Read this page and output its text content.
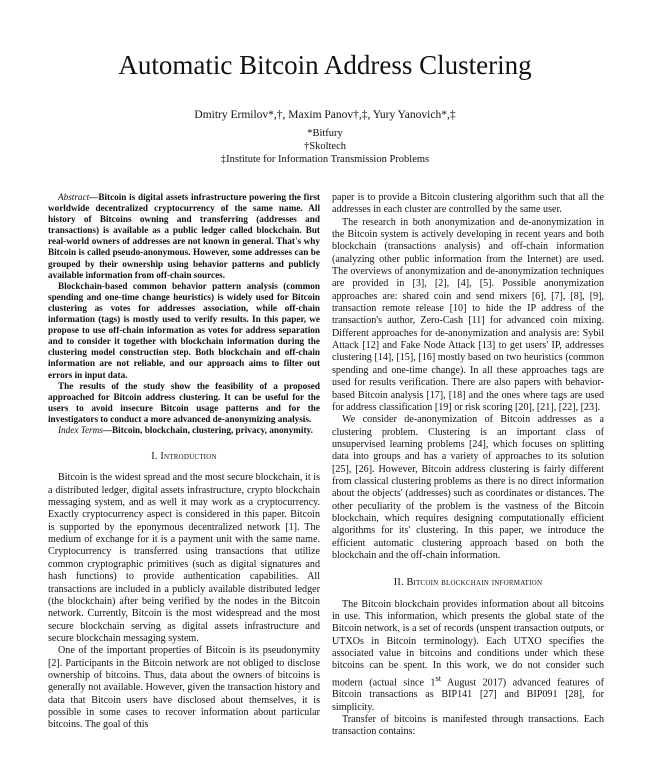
Automatic Bitcoin Address Clustering
Dmitry Ermilov*,†, Maxim Panov†,‡, Yury Yanovich*,‡
*Bitfury
†Skoltech
‡Institute for Information Transmission Problems

Abstract—Bitcoin is digital assets infrastructure powering the first worldwide decentralized cryptocurrency of the same name. All history of Bitcoins owning and transferring (addresses and transactions) is available as a public ledger called blockchain. But real-world owners of addresses are not known in general. That's why Bitcoin is called pseudo-anonymous. However, some addresses can be grouped by their ownership using behavior patterns and publicly available information from off-chain sources.

Blockchain-based common behavior pattern analysis (common spending and one-time change heuristics) is widely used for Bitcoin clustering as votes for addresses association, while off-chain information (tags) is mostly used to verify results. In this paper, we propose to use off-chain information as votes for address separation and to consider it together with blockchain information during the clustering model construction step. Both blockchain and off-chain information are not reliable, and our approach aims to filter out errors in input data.

The results of the study show the feasibility of a proposed approached for Bitcoin address clustering. It can be useful for the users to avoid insecure Bitcoin usage patterns and for the investigators to conduct a more advanced de-anonymizing analysis.

Index Terms—Bitcoin, blockchain, clustering, privacy, anonymity.

I. Introduction

Bitcoin is the widest spread and the most secure blockchain, it is a distributed ledger, digital assets infrastructure, crypto blockchain messaging system, and as well it may work as a cryptocurrency. Exactly cryptocurrency aspect is considered in this paper. Bitcoin is supported by the eponymous decentralized network [1]. The medium of exchange for it is a payment unit with the same name. Cryptocurrency is transferred using transactions that utilize common cryptographic primitives (such as digital signatures and hash functions) to provide authentication capabilities. All transactions are included in a publicly available distributed ledger (the blockchain) after being verified by the nodes in the Bitcoin network. Currently, Bitcoin is the most widespread and the most secure blockchain serving as digital assets infrastructure and secure blockchain messaging system.

One of the important properties of Bitcoin is its pseudonymity [2]. Participants in the Bitcoin network are not obliged to disclose ownership of bitcoins. Thus, data about the owners of bitcoins is generally not available. However, given the transaction history and data that Bitcoin users have disclosed about themselves, it is possible in some cases to recover information about particular bitcoins. The goal of this

paper is to provide a Bitcoin clustering algorithm such that all the addresses in each cluster are controlled by the same user.

The research in both anonymization and de-anonymization in the Bitcoin system is actively developing in recent years and both blockchain (transactions analysis) and off-chain information (analyzing other public information from the Internet) are used. The overviews of anonymization and de-anonymization techniques are provided in [3], [2], [4], [5]. Possible anonymization approaches are: shared coin and send mixers [6], [7], [8], [9], transaction remote release [10] to hide the IP address of the transaction's author, Zero-Cash [11] for advanced coin mixing. Different approaches for de-anonymization and analysis are: Sybil Attack [12] and Fake Node Attack [13] to get users' IP, addresses clustering [14], [15], [16] mostly based on two heuristics (common spending and one-time change). In all these approaches tags are used for results verification. There are also papers with behavior-based Bitcoin analysis [17], [18] and the ones where tags are used for address classification [19] or risk scoring [20], [21], [22], [23].

We consider de-anonymization of Bitcoin addresses as a clustering problem. Clustering is an important class of unsupervised learning problems [24], which focuses on splitting data into groups and has a variety of approaches to its solution [25], [26]. However, Bitcoin address clustering is fairly different from classical clustering problems as there is no direct information about the objects' (addresses) such as coordinates or distances. The other peculiarity of the problem is the vastness of the Bitcoin blockchain, which requires designing computationally efficient algorithms for its' clustering. In this paper, we introduce the efficient automatic clustering approach based on both the blockchain and the off-chain information.

II. Bitcoin blockchain information

The Bitcoin blockchain provides information about all bitcoins in use. This information, which presents the global state of the Bitcoin network, is a set of records (unspent transaction outputs, or UTXOs in Bitcoin terminology). Each UTXO specifies the associated value in bitcoins and conditions under which these bitcoins can be spent. In this work, we do not consider such modern (actual since 1st August 2017) advanced features of Bitcoin transactions as BIP141 [27] and BIP091 [28], for simplicity.

Transfer of bitcoins is manifested through transactions. Each transaction contains:
